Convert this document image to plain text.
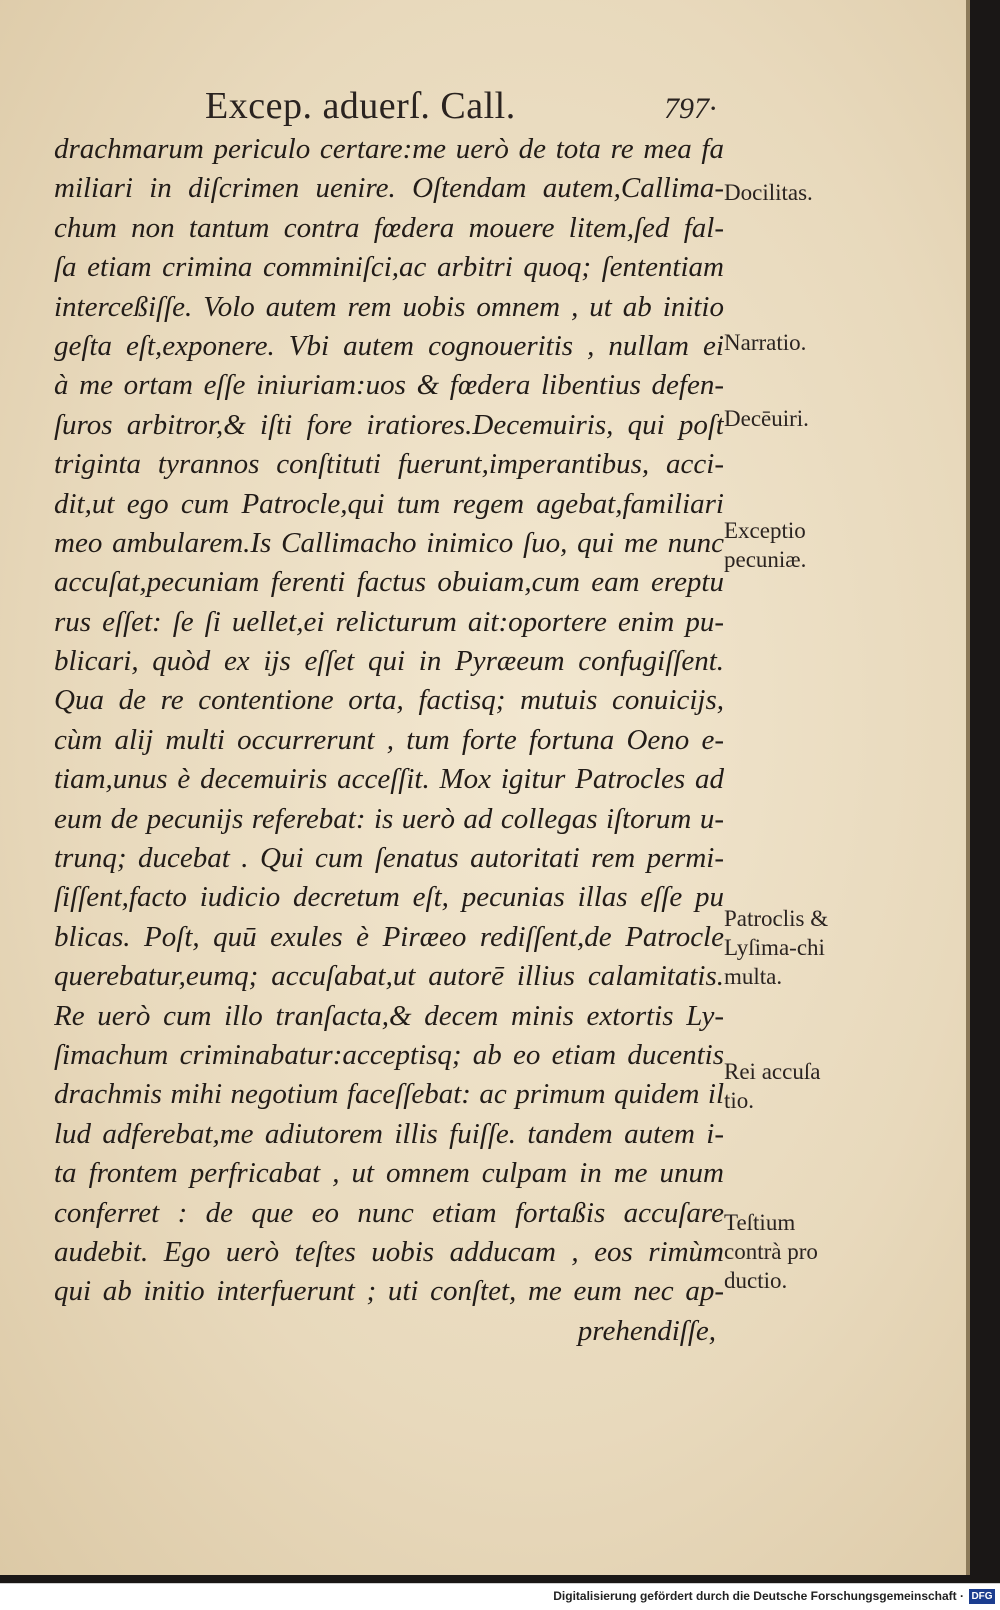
Excep. aduerſ. Call.	797·
drachmarum periculo certare:me uerò de tota re mea fa
miliari in diſcrimen uenire. Oſtendam autem,Callima-
chum non tantum contra fœdera mouere litem,ſed fal-
ſa etiam crimina comminiſci,ac arbitri quoq; ſententiam
interceßiſſe. Volo autem rem uobis omnem , ut ab initio
geſta eſt,exponere. Vbi autem cognoueritis , nullam ei
à me ortam eſſe iniuriam:uos & fœdera libentius defen-
ſuros arbitror,& iſti fore iratiores.Decemuiris, qui poſt
triginta tyrannos conſtituti fuerunt,imperantibus, acci-
dit,ut ego cum Patrocle,qui tum regem agebat,familiari
meo ambularem.Is Callimacho inimico ſuo, qui me nunc
accuſat,pecuniam ferenti factus obuiam,cum eam ereptu
rus eſſet: ſe ſi uellet,ei relicturum ait:oportere enim pu-
blicari, quòd ex ijs eſſet qui in Pyræeum confugiſſent.
Qua de re contentione orta, factisq; mutuis conuicijs,
cùm alij multi occurrerunt , tum forte fortuna Oeno e-
tiam,unus è decemuiris acceſſit. Mox igitur Patrocles ad
eum de pecunijs referebat: is uerò ad collegas iſtorum u-
trunq; ducebat . Qui cum ſenatus autoritati rem permi-
ſiſſent,facto iudicio decretum eſt, pecunias illas eſſe pu
blicas. Poſt, quū exules è Piræeo rediſſent,de Patrocle
querebatur,eumq; accuſabat,ut autorē illius calamitatis.
Re uerò cum illo tranſacta,& decem minis extortis Ly-
ſimachum criminabatur:acceptisq; ab eo etiam ducentis
drachmis mihi negotium faceſſebat: ac primum quidem il
lud adferebat,me adiutorem illis fuiſſe. tandem autem i-
ta frontem perfricabat , ut omnem culpam in me unum
conferret : de que eo nunc etiam fortaßis accuſare
audebit. Ego uerò teſtes uobis adducam , eos rimùm
qui ab initio interfuerunt ; uti conſtet, me eum nec ap-
prehendiſſe,
Docilitas.
Narratio.
Decēuiri.
Exceptio pecuniæ.
Patroclis & Lyſima-chi multa.
Rei accuſa tio.
Teſtium contrà pro ductio.
Digitalisierung gefördert durch die Deutsche Forschungsgemeinschaft · DFG
